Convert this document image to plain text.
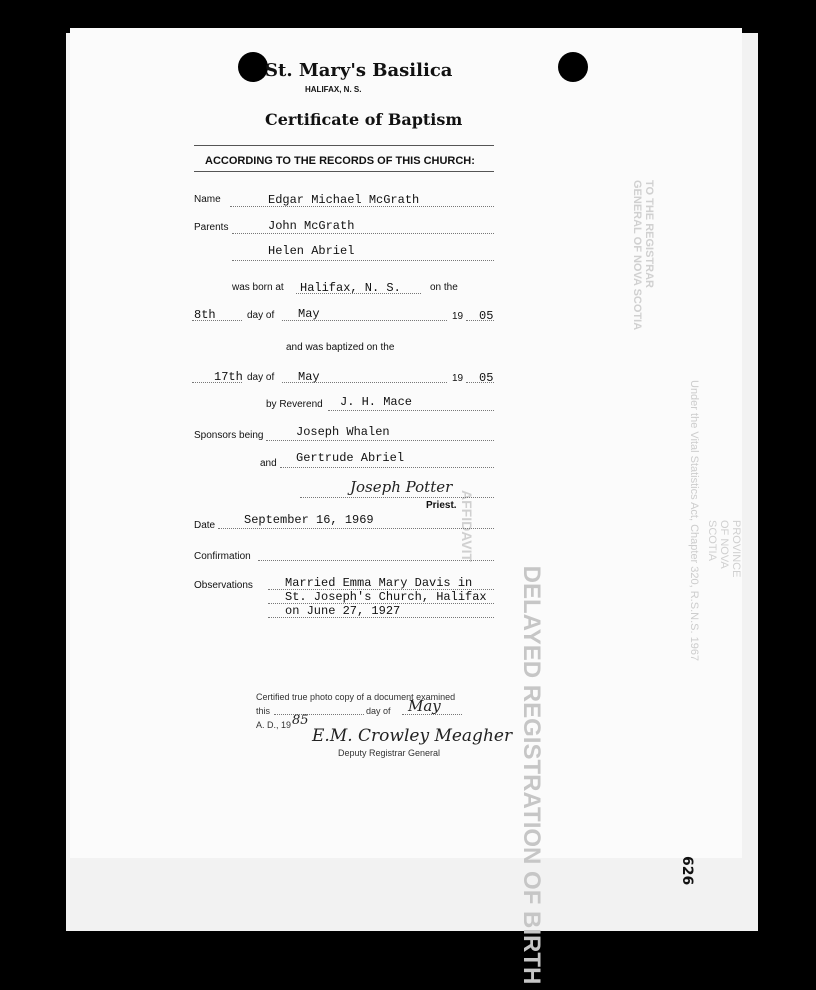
DELAYED REGISTRATION OF BIRTH
Under the Vital Statistics Act, Chapter 320, R.S.N.S. 1967	PROVINCE OF NOVA SCOTIA
TO THE REGISTRAR GENERAL OF NOVA SCOTIA
AFFIDAVIT
St. Mary's Basilica
HALIFAX, N. S.
Certificate of Baptism
ACCORDING TO THE RECORDS OF THIS CHURCH:
Name	Edgar Michael McGrath
Parents	John McGrath
Helen Abriel
was born at Halifax, N. S.	on the
8th	day of May	19 05
and was baptized on the
17th day of May	19 05
by Reverend J. H. Mace
Sponsors being	Joseph Whalen
and Gertrude Abriel
Joseph Potter
Priest.
Date September 16, 1969
Confirmation
Observations	Married Emma Mary Davis in
St. Joseph's Church, Halifax
on June 27, 1927
Certified true photo copy of a document examined
this	day of May
A. D., 19 85
E.M. Crowley Meagher
Deputy Registrar General
626
